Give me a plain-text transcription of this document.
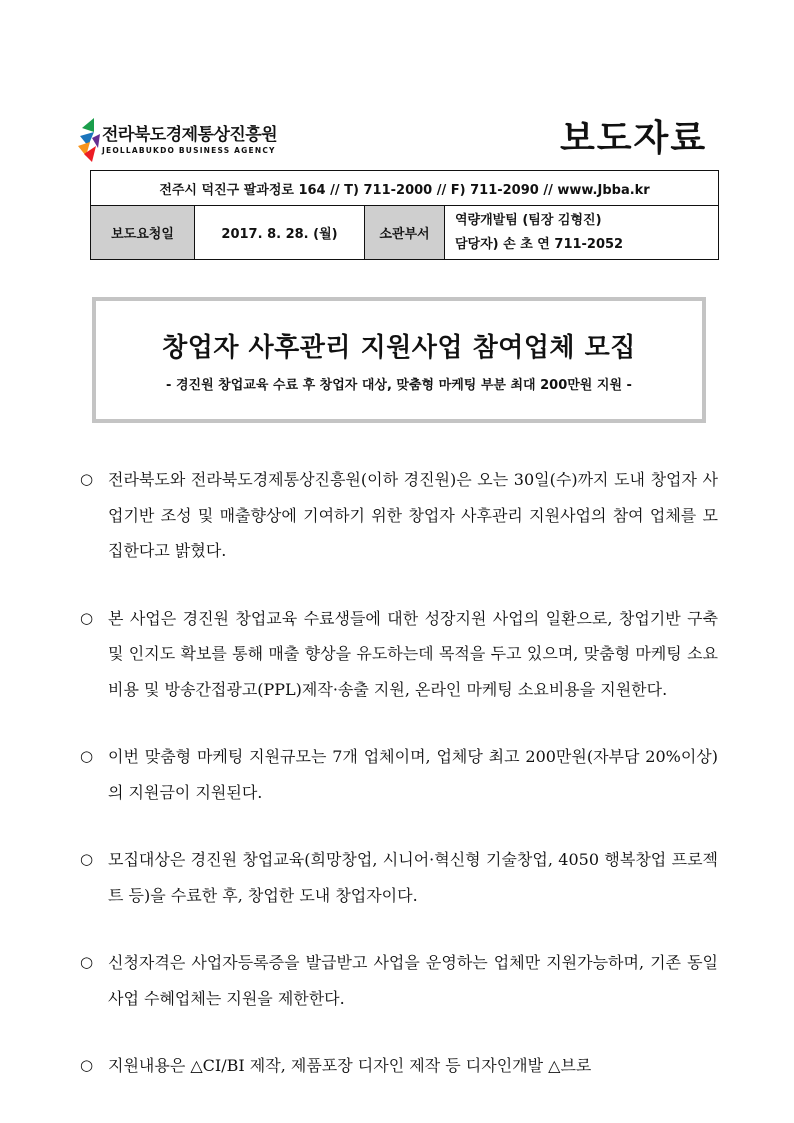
전라북도경제통상진흥원
JEOLLABUKDO BUSINESS AGENCY	보도자료
전주시 덕진구 팔과정로 164 // T) 711-2000 // F) 711-2090 // www.Jbba.kr
보도요청일	2017. 8. 28. (월)	소관부서	
역량개발팀 (팀장 김형진)
담당자) 손 초 연 711-2052
창업자 사후관리 지원사업 참여업체 모집
- 경진원 창업교육 수료 후 창업자 대상, 맞춤형 마케팅 부분 최대 200만원 지원 -
○ 전라북도와 전라북도경제통상진흥원(이하 경진원)은 오는 30일(수)까지 도내 창업자 사업기반 조성 및 매출향상에 기여하기 위한 창업자 사후관리 지원사업의 참여 업체를 모집한다고 밝혔다.
○ 본 사업은 경진원 창업교육 수료생들에 대한 성장지원 사업의 일환으로, 창업기반 구축 및 인지도 확보를 통해 매출 향상을 유도하는데 목적을 두고 있으며, 맞춤형 마케팅 소요비용 및 방송간접광고(PPL)제작·송출 지원, 온라인 마케팅 소요비용을 지원한다.
○ 이번 맞춤형 마케팅 지원규모는 7개 업체이며, 업체당 최고 200만원(자부담 20%이상)의 지원금이 지원된다.
○ 모집대상은 경진원 창업교육(희망창업, 시니어·혁신형 기술창업, 4050 행복창업 프로젝트 등)을 수료한 후, 창업한 도내 창업자이다.
○ 신청자격은 사업자등록증을 발급받고 사업을 운영하는 업체만 지원가능하며, 기존 동일사업 수혜업체는 지원을 제한한다.
○ 지원내용은 △CI/BI 제작, 제품포장 디자인 제작 등 디자인개발 △브로
